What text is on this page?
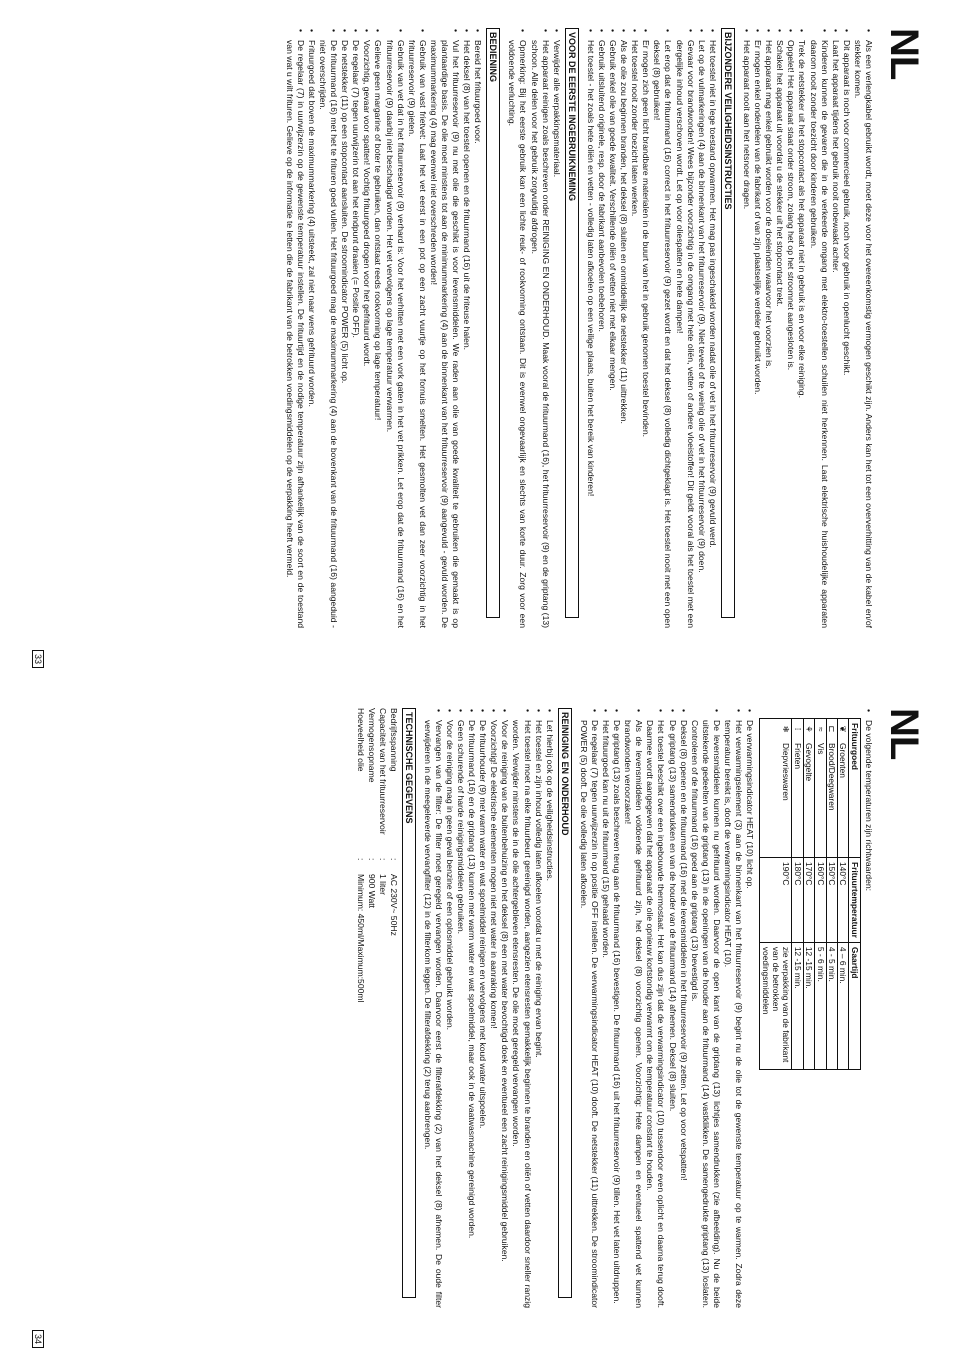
NL
• Als een verlengkabel gebruikt wordt, moet deze voor het overeenkomstig vermogen geschikt zijn. Anders kan het tot een oververhitting van de kabel en/of stekker komen.
• Dit apparaat is noch voor commercieel gebruik, noch voor gebruik in openlucht geschikt.
• Laat het apparaat tijdens het gebruik nooit onbewaakt achter.
• Kinderen kunnen de gevaren die in de verkeerde omgang met elektro-toestellen schuilen niet herkennen. Laat elektrische huishoudelijke apparaten daarom nooit zonder toezicht door kinderen gebruiken.
• Trek de netstekker uit het stopcontact als het apparaat niet in gebruik is en voor elke reiniging.
• Opgelet! Het apparaat staat onder stroom, zolang het op het stroomnet aangesloten is.
• Schakel het apparaat uit voordat u de stekker uit het stopcontact trekt.
• Het apparaat mag enkel gebruikt worden voor de doeleinden waarvoor het voorzien is.
• Er mogen enkel onderdelen van de fabrikant of van zijn plaatselijke verdeler gebruikt worden.
• Het apparaat nooit aan het netsnoer dragen.
BIJZONDERE VEILIGHEIDSINSTRUCTIES
• Het toestel niet in lege toestand opwarmen. Het mag pas ingeschakeld worden nadat olie of vet in het frituurreservoir (9) gevuld werd.
• Let op de vulmarkeringen (4) aan de binnenkant van het frituurreservoir (9). Niet teveel of te weinig olie of vet in het frituurreservoir (9) doen.
• Gevaar voor brandwonden! Wees bijzonder voorzichtig in de omgang met hete oliën, vetten of andere vloeistoffen! Dit geldt vooral als het toestel met een dergelijke inhoud verschoven wordt. Let op voor oliespatten en hete dampen!
• Let erop dat de frituurmand (16) correct in het frituurreservoir (9) gezet wordt en dat het deksel (8) volledig dichtgeklapt is. Het toestel nooit met een open deksel (8) gebruiken!
• Er mogen zich geen licht brandbare materialen in de buurt van het in gebruik genomen toestel bevinden.
• Het toestel nooit zonder toezicht laten werken.
• Als de olie zou beginnen branden, het deksel (8) sluiten en onmiddellijk de netstekker (11) uittrekken.
• Gebruik enkel olie van goede kwaliteit. Verschillende oliën of vetten niet met elkaar mengen.
• Gebruik uitsluitend originele, resp. door de fabrikant aanbevolen toebehoren.
• Het toestel - het zoals hete oliën en vetten - volledig laten afkoelen op een veilige plaats, buiten het bereik van kinderen!
VOOR DE EERSTE INGEBRUIKNEMING
• Verwijder alle verpakkingsmateriaal.
• Het apparaat reinigen zoals beschreven onder REINIGING EN ONDERHOUD. Maak vooral de frituurmand (16), het frituurreservoir (9) en de griptang (13) schoon. Alle delen voor het gebruik zorgvuldig afdrogen.
• Opmerking: Bij het eerste gebruik kan een lichte reuk- of rookvorming ontstaan. Dit is evenwel ongevaarlijk en slechts van korte duur. Zorg voor een voldoende verluchting.
BEDIENING
• Bereid het frituurgoed voor.
• Het deksel (8) van het toestel openen en de frituurmand (16) uit de friteuse halen.
• Vul het frituurreservoir (9) nu met olie die geschikt is voor levensmiddelen. We raden aan olie van goede kwaliteit te gebruiken die gemaakt is op plantaardige basis. De olie moet minstens tot aan de minimummarkering (4) aan de binnenkant van het frituurreservoir (9) aangevuld - gevuld worden. De maximummarkering (4) mag evenwel niet overschreden worden!
• Gebruik van vast frietvet: Laat het vet eerst in een pot op een zacht vuurtje op het fornuis smelten. Het gesmolten vet dan zeer voorzichtig in het frituurreservoir (9) gieten.
• Gebruik van vet dat in het frituurreservoir (9) verhard is: Voor het verhitten met een vork gaten in het vet prikken. Let erop dat de frituurmand (16) en het frituurreservoir (9) daarbij niet beschadigd worden. Het vet vervolgens op lage temperatuur verwarmen.
• Gelieve geen margarine of boter te gebruiken, dan ontstaat reeds rookvorming op lage temperatuur!
• Voorzichtig, gevaar voor spatten! Vochtig frituurgoed drogen voor het gefrituurd wordt.
• De regelaar (7) tegen uurwijzerin tot aan het eindpunt draaien (= Positie OFF).
• De netstekker (11) op een stopcontact aansluiten. De stroomindicator POWER (5) licht op.
• De frituurmand (16) met het te frituren goed vullen. Het frituurgoed mag de maximummarkering (4) aan de bovenkant van de frituurmand (16) aangeduid - niet overschrijden.
• Frituurgoed dat boven de maximummarkering (4) uitsteekt, zal niet naar wens gefrituurd worden.
• De regelaar (7) in uurwijzerzin op de gewenste temperatuur instellen. De frituurtijd en de nodige temperatuur zijn afhankelijk van de soort en de toestand van wat u wilt frituren. Gelieve op de informatie te letten die de fabrikant van de betrokken voedingsmiddelen op de verpakking heeft vermeld.
33
NL
• De volgende temperaturen zijn richtwaarden:
Frituurgoed		Frituurtemperatuur	Gaartijd
❦	Groenten	140°C	4 – 6 min.
⊏	Brood/Deegwaren	150°C	4 - 5 min.
≈	Vis	160°C	5 - 6 min.
⚘	Gevogelte	170°C	12 -15 min.
⁞	Frieten	180°C	12 -15 min.
❄	Diepvrieswaren	190°C	zie verpakking van de fabrikant van de betrokken voedingsmiddelen
• De verwarmingsindicator HEAT (10) licht op.
• Het verwarmingselement (3) aan de binnenkant van het frituurreservoir (9) begint nu de olie tot de gewenste temperatuur op te warmen. Zodra deze temperatuur bereikt is, dooft de verwarmingsindicator HEAT (10).
• De levensmiddelen kunnen nu gefrituurd worden. Daarvoor de open kant van de griptang (13) lichtjes samendrukken (zie afbeelding). Nu de beide uitstekende gedeelten van de griptang (13) in de openingen van de houder aan de frituurmand (14) vastklikken. De samengedrukte griptang (13) loslaten. Controleren of de frituurmand (16) goed aan de griptang (13) bevestigd is.
• Deksel (8) openen en de frituurmand (16) met de levensmiddelen in het frituurreservoir (9) zetten. Let op voor vetspatten!
• De griptang (13) samendrukken en van de houder van de frituurmand (14) afnemen. Deksel (8) sluiten.
• Het toestel beschikt over een ingebouwde thermostaat. Het kan dus zijn dat de verwarmingsindicator (10) tussendoor even oplicht en daarna terug dooft. Daarmee wordt aangegeven dat het apparaat de olie opnieuw kortstondig verwarmt om de temperatuur constant te houden.
• Als de levensmiddelen voldoende gefrituurd zijn, het deksel (8) voorzichtig openen. Voorzichtig: Hete dampen en eventueel spattend vet kunnen brandwonden veroorzaken!
• De griptang (13) zoals beschreven terug aan de frituurmand (16) bevestigen. De frituurmand (16) uit het frituurreservoir (9) tillen. Het vet laten uitdruppen.
• Het frituurgoed kan nu uit de frituurmand (15) gehaald worden.
• De regelaar (7) tegen uurwijzerzin in op positie OFF instellen. De verwarmingsindicator HEAT (10) dooft. De netstekker (11) uittrekken. De stroomindicator POWER (5) dooft. De olie volledig laten afkoelen.
REINIGING EN ONDERHOUD
• Let hierbij ook op de veiligheidsinstructies.
• Het toestel en zijn inhoud volledig laten afkoelen voordat u met de reiniging ervan begint.
• Het toestel moet na elke frituurbeurt gereinigd worden, aangezien etensresten gemakkelijk beginnen te branden en oliën of vetten daardoor sneller ranzig worden. Verwijder minstens de in de olie achtergebleven etensresten. De olie moet geregeld vervangen worden.
• Voor de reiniging van de buitenbehuizing en het deksel (8) een met water bevochtigd doek en eventueel een zacht reinigingsmiddel gebruiken.
• Voorzichtig! De elektrische elementen mogen niet met water in aanraking komen!
• De frituurhouder (9) met warm water en wat spoelmiddel reinigen en vervolgens met koud water uitspoelen.
• De frituurmand (16) en de griptang (13) kunnen met warm water en wat spoelmiddel, maar ook in de vaatwasmachine gereinigd worden.
• Geen schurende of harde reinigingsmiddelen gebruiken.
• Voor de reiniging mag in geen geval benzine of een oplosmiddel gebruikt worden.
• Vervangen van de filter: De filter moet geregeld vervangen worden. Daarvoor eerst de filterafdekking (2) van het deksel (8) afnemen. De oude filter verwijderen in de meegeleverde vervangfilter (12) in de filterkom leggen. De filterafdekking (2) terug aanbrengen.
TECHNISCHE GEGEVENS
Bedrijfsspanning
:
AC 230V~ 50Hz
Capaciteit van het frituurreservoir
:
1 liter
Vermogensopname
:
900 Watt
Hoeveelheid olie
:
Minimum: 450ml/Maximum:500ml
34
